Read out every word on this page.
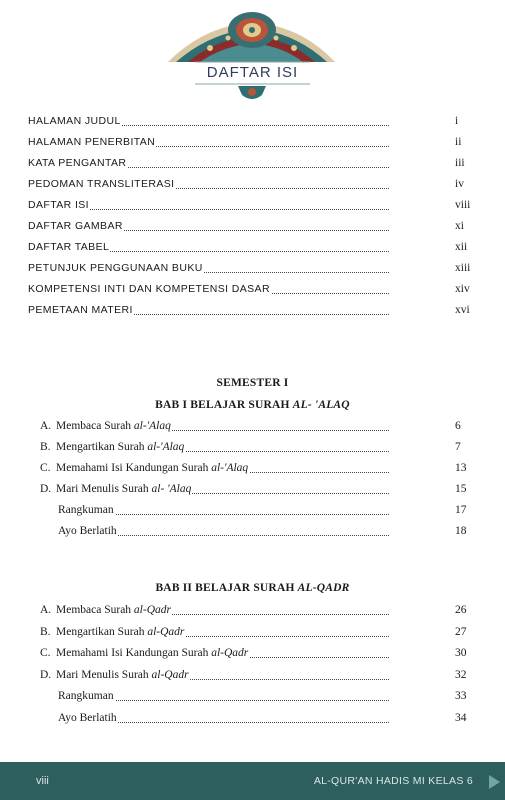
DAFTAR ISI
HALAMAN JUDUL	i
HALAMAN PENERBITAN	ii
KATA PENGANTAR	iii
PEDOMAN TRANSLITERASI	iv
DAFTAR ISI	viii
DAFTAR GAMBAR	xi
DAFTAR TABEL	xii
PETUNJUK PENGGUNAAN BUKU	xiii
KOMPETENSI INTI DAN KOMPETENSI DASAR	xiv
PEMETAAN MATERI	xvi
SEMESTER I
BAB I BELAJAR SURAH AL- 'ALAQ
A. Membaca Surah al-'Alaq	6
B. Mengartikan Surah al-'Alaq	7
C. Memahami Isi Kandungan Surah al-'Alaq	13
D. Mari Menulis Surah al- 'Alaq	15
Rangkuman	17
Ayo Berlatih	18
BAB II BELAJAR SURAH AL-QADR
A. Membaca Surah al-Qadr	26
B. Mengartikan Surah al-Qadr	27
C. Memahami Isi Kandungan Surah al-Qadr	30
D. Mari Menulis Surah al-Qadr	32
Rangkuman	33
Ayo Berlatih	34
viii	AL-QUR'AN HADIS MI KELAS 6
